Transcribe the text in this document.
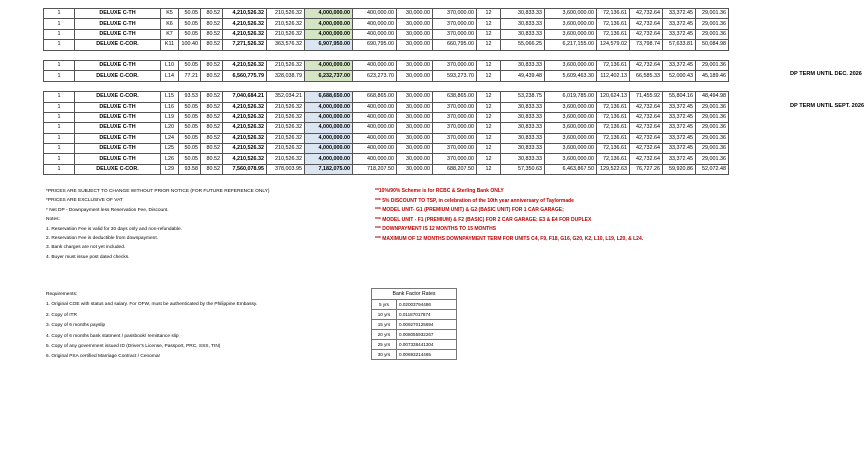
1	DELUXE C-TH	K5	50.05	80.52	4,210,526.32	210,526.32	4,000,000.00	400,000.00	30,000.00	370,000.00	12	30,833.33	3,600,000.00	72,136.61	42,732.64	33,372.45	29,001.36
1	DELUXE C-TH	K6	50.05	80.52	4,210,526.32	210,526.32	4,000,000.00	400,000.00	30,000.00	370,000.00	12	30,833.33	3,600,000.00	72,136.61	42,732.64	33,372.45	29,001.36
1	DELUXE C-TH	K7	50.05	80.52	4,210,526.32	210,526.32	4,000,000.00	400,000.00	30,000.00	370,000.00	12	30,833.33	3,600,000.00	72,136.61	42,732.64	33,372.45	29,001.36
1	DELUXE C-COR.	K11	100.40	80.52	7,271,526.32	363,576.32	6,907,950.00	690,795.00	30,000.00	660,795.00	12	55,066.25	6,217,155.00	124,579.02	73,798.74	57,633.81	50,084.98

1	DELUXE C-TH	L10	50.05	80.52	4,210,526.32	210,526.32	4,000,000.00	400,000.00	30,000.00	370,000.00	12	30,833.33	3,600,000.00	72,136.61	42,732.64	33,372.45	29,001.36
1	DELUXE C-COR.	L14	77.21	80.52	6,560,775.79	328,038.79	6,232,737.00	623,273.70	30,000.00	593,273.70	12	49,439.48	5,609,463.30	112,402.13	66,585.33	52,000.43	45,189.46

1	DELUXE C-COR.	L15	93.53	80.52	7,040,684.21	352,034.21	6,688,650.00	668,865.00	30,000.00	638,865.00	12	53,238.75	6,019,785.00	120,624.13	71,455.92	55,804.16	48,494.98
1	DELUXE C-TH	L16	50.05	80.52	4,210,526.32	210,526.32	4,000,000.00	400,000.00	30,000.00	370,000.00	12	30,833.33	3,600,000.00	72,136.61	42,732.64	33,372.45	29,001.36
1	DELUXE C-TH	L19	50.05	80.52	4,210,526.32	210,526.32	4,000,000.00	400,000.00	30,000.00	370,000.00	12	30,833.33	3,600,000.00	72,136.61	42,732.64	33,372.45	29,001.36
1	DELUXE C-TH	L20	50.05	80.52	4,210,526.32	210,526.32	4,000,000.00	400,000.00	30,000.00	370,000.00	12	30,833.33	3,600,000.00	72,136.61	42,732.64	33,372.45	29,001.36
1	DELUXE C-TH	L24	50.05	80.52	4,210,526.32	210,526.32	4,000,000.00	400,000.00	30,000.00	370,000.00	12	30,833.33	3,600,000.00	72,136.61	42,732.64	33,372.45	29,001.36
1	DELUXE C-TH	L25	50.05	80.52	4,210,526.32	210,526.32	4,000,000.00	400,000.00	30,000.00	370,000.00	12	30,833.33	3,600,000.00	72,136.61	42,732.64	33,372.45	29,001.36
1	DELUXE C-TH	L26	50.05	80.52	4,210,526.32	210,526.32	4,000,000.00	400,000.00	30,000.00	370,000.00	12	30,833.33	3,600,000.00	72,136.61	42,732.64	33,372.45	29,001.36
1	DELUXE C-COR.	L29	93.58	80.52	7,560,078.95	378,003.95	7,182,075.00	718,207.50	30,000.00	688,207.50	12	57,350.63	6,463,867.50	129,522.63	76,727.26	59,920.86	52,072.48
DP TERM UNTIL DEC. 2026
DP TERM UNTIL SEPT. 2026
*PRICES ARE SUBJECT TO CHANGE WITHOUT PRIOR NOTICE (FOR FUTURE REFERENCE ONLY)
*PRICES ARE EXCLUSIVE OF VAT
* Net DP - Downpayment less Reservation Fee, Discount.
Notes:
1. Reservation Fee is valid for 30 days only and non-refundable.
2. Reservation Fee is deductible from downpayment.
3. Bank charges are not yet included.
4. Buyer must issue post dated checks.
**10%/90% Scheme is for RCBC & Sterling Bank ONLY
*** 5% DISCOUNT TO TSP, in celebration of the 10th year anniversary of Taylormade
*** MODEL UNIT- G1 (PREMIUM UNIT) & G2 (BASIC UNIT) FOR 1 CAR GARAGE;
*** MODEL UNIT - F1 (PREMIUM) & F2 (BASIC) FOR 2 CAR GARAGE; E3 & E4 FOR DUPLEX
*** DOWNPAYMENT IS 12 MONTHS TO 15 MONTHS
*** MAXIMUM OF 12 MONTHS DOWNPAYMENT TERM FOR UNITS C4, F9, F18, G16, G20, K2, L10, L19, L20, & L24.
Requirements:
1. Original COE with status and salary. For OFW, must be authenticated by the Philippine Embassy.
2. Copy of ITR
3. Copy of 6 months payslip
4. Copy of 6 months bank statment / passbook/ remittance slip
5. Copy of any government issued ID (Driver's License, Passport, PRC, SSS, TIN)
6. Original PSA certified Marriage Contract / Cenomar
Bank Factor Rates	
5 yrs	0.02003794486
10 yrs	0.01187017874
15 yrs	0.009270125694
20 yrs	0.008055932267
25 yrs	0.007338441304
30 yrs	0.00693214465
